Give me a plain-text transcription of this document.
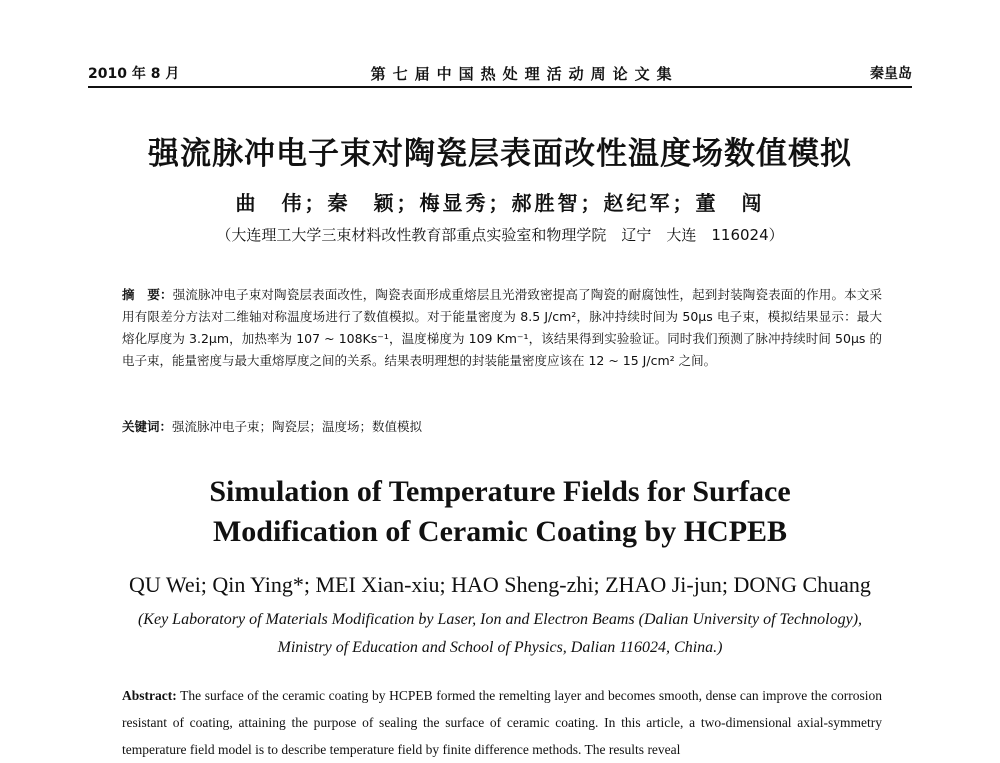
2010 年 8 月	第七届中国热处理活动周论文集	秦皇岛
强流脉冲电子束对陶瓷层表面改性温度场数值模拟
曲　伟；秦　颖；梅显秀；郝胜智；赵纪军；董　闯
（大连理工大学三束材料改性教育部重点实验室和物理学院　辽宁　大连　116024）
摘　要：强流脉冲电子束对陶瓷层表面改性，陶瓷表面形成重熔层且光滑致密提高了陶瓷的耐腐蚀性，起到封装陶瓷表面的作用。本文采用有限差分方法对二维轴对称温度场进行了数值模拟。对于能量密度为 8.5 J/cm²，脉冲持续时间为 50μs 电子束，模拟结果显示：最大熔化厚度为 3.2μm，加热率为 107 ~ 108Ks⁻¹，温度梯度为 109 Km⁻¹，该结果得到实验验证。同时我们预测了脉冲持续时间 50μs 的电子束，能量密度与最大重熔厚度之间的关系。结果表明理想的封装能量密度应该在 12 ~ 15 J/cm² 之间。
关键词：强流脉冲电子束；陶瓷层；温度场；数值模拟
Simulation of Temperature Fields for Surface
Modification of Ceramic Coating by HCPEB
QU Wei; Qin Ying*; MEI Xian-xiu; HAO Sheng-zhi; ZHAO Ji-jun; DONG Chuang
(Key Laboratory of Materials Modification by Laser, Ion and Electron Beams (Dalian University of Technology),
Ministry of Education and School of Physics, Dalian 116024, China.)
Abstract: The surface of the ceramic coating by HCPEB formed the remelting layer and becomes smooth, dense can improve the corrosion resistant of coating, attaining the purpose of sealing the surface of ceramic coating. In this article, a two-dimensional axial-symmetry temperature field model is to describe temperature field by finite difference methods. The results reveal
